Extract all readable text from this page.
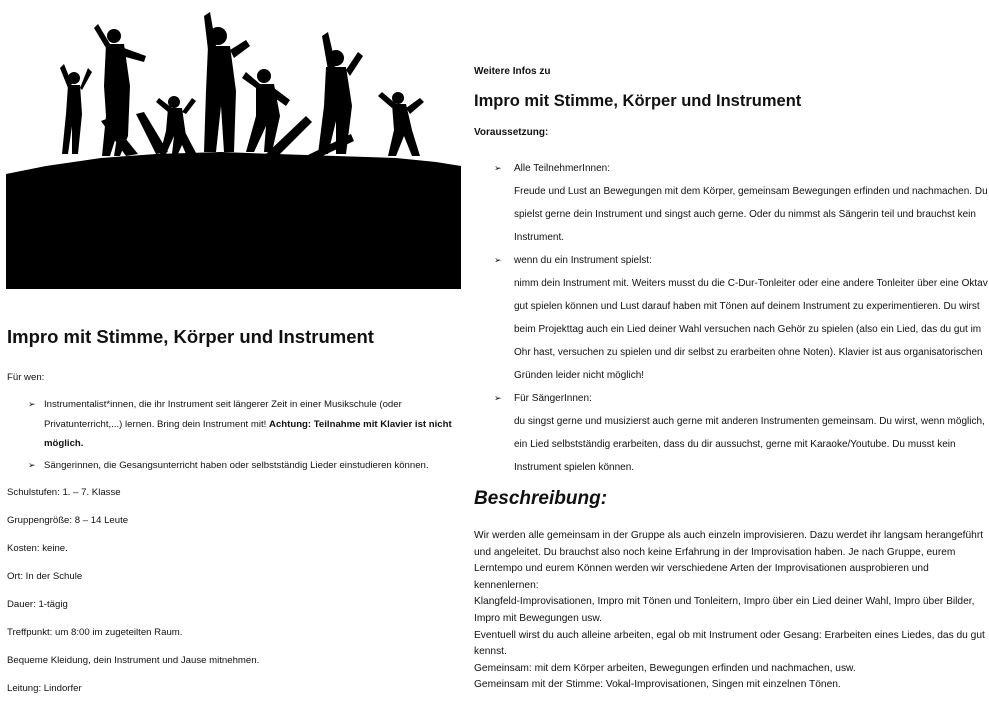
Impro mit Stimme, Körper und Instrument
Für wen:
➢ Instrumentalist*innen, die ihr Instrument seit längerer Zeit in einer Musikschule (oder Privatunterricht,...) lernen. Bring dein Instrument mit! Achtung: Teilnahme mit Klavier ist nicht möglich.
➢ Sängerinnen, die Gesangsunterricht haben oder selbstständig Lieder einstudieren können.
Schulstufen: 1. – 7. Klasse
Gruppengröße: 8 – 14 Leute
Kosten: keine.
Ort: In der Schule
Dauer: 1-tägig
Treffpunkt: um 8:00 im zugeteilten Raum.
Bequeme Kleidung, dein Instrument und Jause mitnehmen.
Leitung: Lindorfer
Weitere Infos zu
Impro mit Stimme, Körper und Instrument
Voraussetzung:
➢ Alle TeilnehmerInnen:
Freude und Lust an Bewegungen mit dem Körper, gemeinsam Bewegungen erfinden und nachmachen. Du spielst gerne dein Instrument und singst auch gerne. Oder du nimmst als Sängerin teil und brauchst kein Instrument.
➢ wenn du ein Instrument spielst:
nimm dein Instrument mit. Weiters musst du die C-Dur-Tonleiter oder eine andere Tonleiter über eine Oktav gut spielen können und Lust darauf haben mit Tönen auf deinem Instrument zu experimentieren. Du wirst beim Projekttag auch ein Lied deiner Wahl versuchen nach Gehör zu spielen (also ein Lied, das du gut im Ohr hast, versuchen zu spielen und dir selbst zu erarbeiten ohne Noten). Klavier ist aus organisatorischen Gründen leider nicht möglich!
➢ Für SängerInnen:
du singst gerne und musizierst auch gerne mit anderen Instrumenten gemeinsam. Du wirst, wenn möglich, ein Lied selbstständig erarbeiten, dass du dir aussuchst, gerne mit Karaoke/Youtube. Du musst kein Instrument spielen können.
Beschreibung:
Wir werden alle gemeinsam in der Gruppe als auch einzeln improvisieren. Dazu werdet ihr langsam herangeführt und angeleitet. Du brauchst also noch keine Erfahrung in der Improvisation haben. Je nach Gruppe, eurem Lerntempo und eurem Können werden wir verschiedene Arten der Improvisationen ausprobieren und kennenlernen:
Klangfeld-Improvisationen, Impro mit Tönen und Tonleitern, Impro über ein Lied deiner Wahl, Impro über Bilder, Impro mit Bewegungen usw.
Eventuell wirst du auch alleine arbeiten, egal ob mit Instrument oder Gesang: Erarbeiten eines Liedes, das du gut kennst.
Gemeinsam: mit dem Körper arbeiten, Bewegungen erfinden und nachmachen, usw.
Gemeinsam mit der Stimme: Vokal-Improvisationen, Singen mit einzelnen Tönen.
